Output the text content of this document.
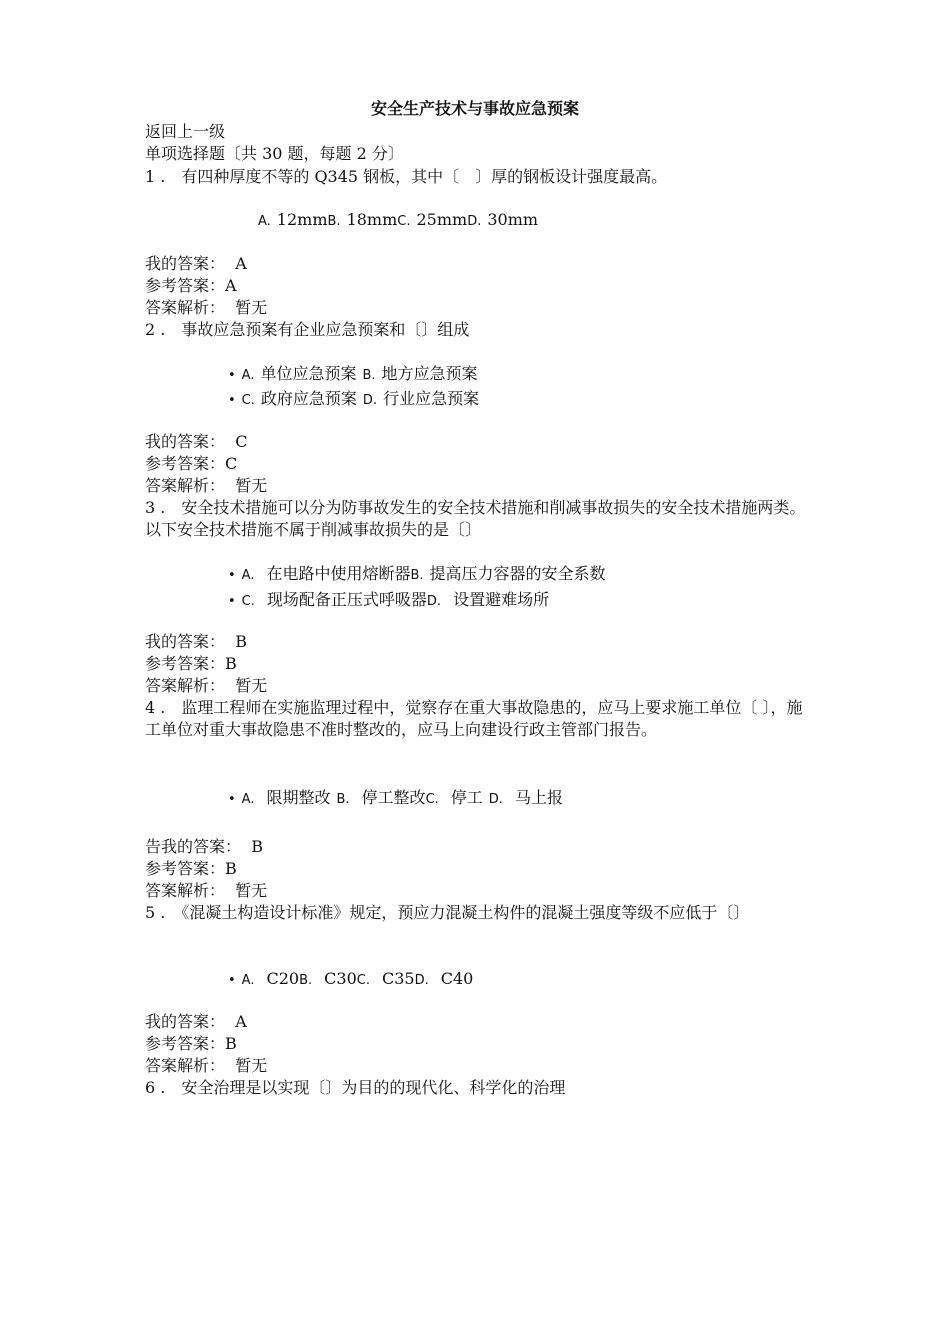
安全生产技术与事故应急预案
返回上一级
单项选择题〔共 30 题，每题 2 分〕
1 .　有四种厚度不等的 Q345 钢板，其中〔　〕厚的钢板设计强度最高。
A. 12mmB. 18mmC. 25mmD. 30mm
我的答案： A
参考答案：A
答案解析： 暂无
2 .　事故应急预案有企业应急预案和〔〕组成
• A. 单位应急预案 B. 地方应急预案
• C. 政府应急预案 D. 行业应急预案
我的答案： C
参考答案：C
答案解析： 暂无
3 .　安全技术措施可以分为防事故发生的安全技术措施和削减事故损失的安全技术措施两类。以下安全技术措施不属于削减事故损失的是〔〕
• A. 在电路中使用熔断器B. 提高压力容器的安全系数
• C. 现场配备正压式呼吸器D. 设置避难场所
我的答案： B
参考答案：B
答案解析： 暂无
4 .　监理工程师在实施监理过程中，觉察存在重大事故隐患的，应马上要求施工单位〔 〕，施工单位对重大事故隐患不准时整改的，应马上向建设行政主管部门报告。
• A. 限期整改 B. 停工整改C. 停工 D. 马上报
告我的答案： B
参考答案：B
答案解析： 暂无
5 .　《混凝土构造设计标准》规定，预应力混凝土构件的混凝土强度等级不应低于〔〕
• A. C20B. C30C. C35D. C40
我的答案： A
参考答案：B
答案解析： 暂无
6 .　安全治理是以实现〔〕为目的的现代化、科学化的治理
